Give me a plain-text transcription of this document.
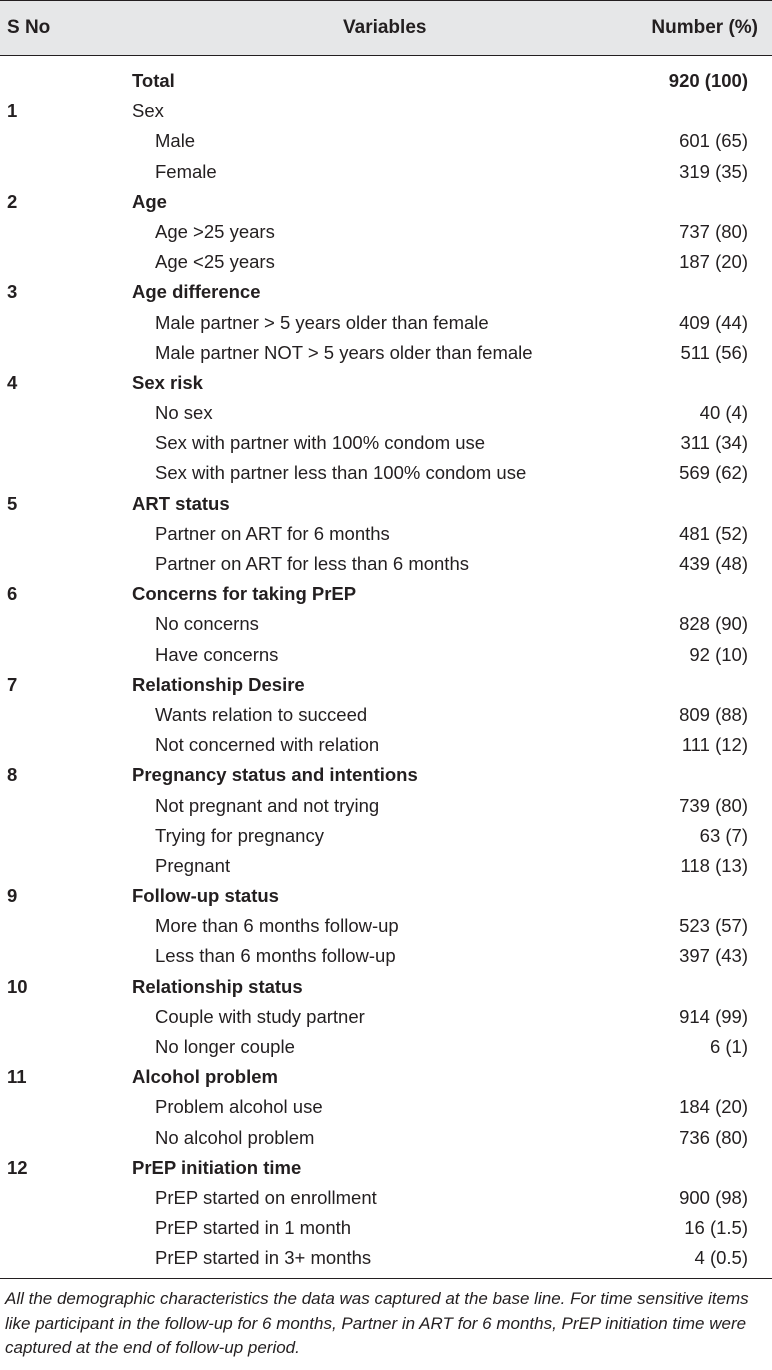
S No	Variables	Number (%)
Total	920 (100)
1	Sex
Male	601 (65)
Female	319 (35)
2	Age
Age >25 years	737 (80)
Age <25 years	187 (20)
3	Age difference
Male partner > 5 years older than female	409 (44)
Male partner NOT > 5 years older than female	511 (56)
4	Sex risk
No sex	40 (4)
Sex with partner with 100% condom use	311 (34)
Sex with partner less than 100% condom use	569 (62)
5	ART status
Partner on ART for 6 months	481 (52)
Partner on ART for less than 6 months	439 (48)
6	Concerns for taking PrEP
No concerns	828 (90)
Have concerns	92 (10)
7	Relationship Desire
Wants relation to succeed	809 (88)
Not concerned with relation	111 (12)
8	Pregnancy status and intentions
Not pregnant and not trying	739 (80)
Trying for pregnancy	63 (7)
Pregnant	118 (13)
9	Follow-up status
More than 6 months follow-up	523 (57)
Less than 6 months follow-up	397 (43)
10	Relationship status
Couple with study partner	914 (99)
No longer couple	6 (1)
11	Alcohol problem
Problem alcohol use	184 (20)
No alcohol problem	736 (80)
12	PrEP initiation time
PrEP started on enrollment	900 (98)
PrEP started in 1 month	16 (1.5)
PrEP started in 3+ months	4 (0.5)
All the demographic characteristics the data was captured at the base line. For time sensitive items like participant in the follow-up for 6 months, Partner in ART for 6 months, PrEP initiation time were captured at the end of follow-up period.
